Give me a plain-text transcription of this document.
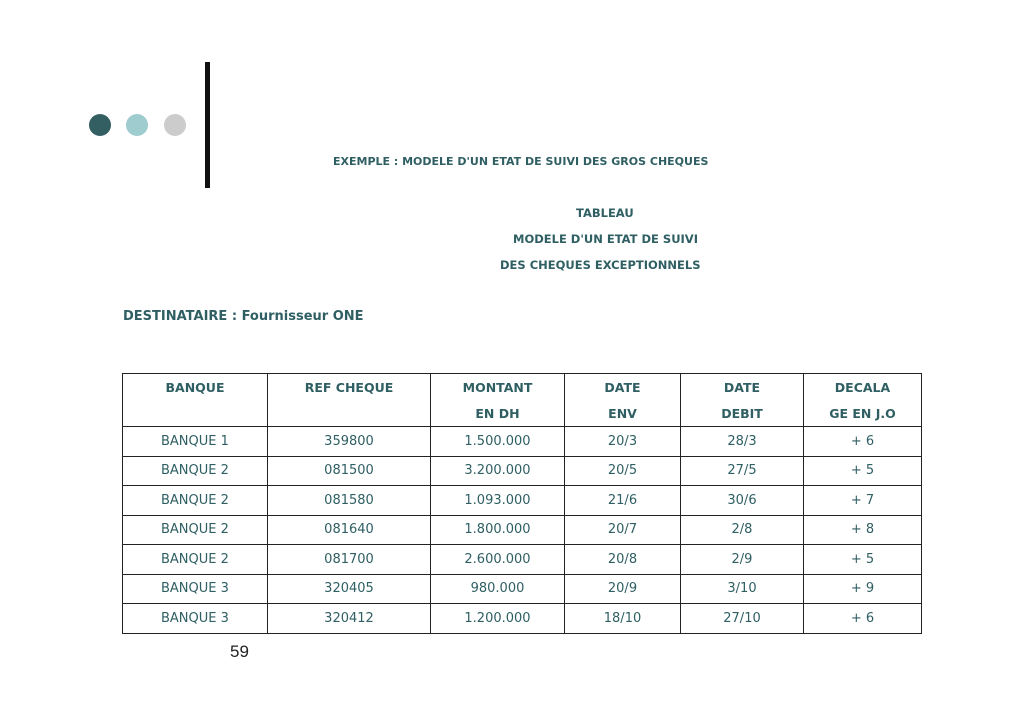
EXEMPLE : MODELE D'UN ETAT DE SUIVI DES GROS CHEQUES
TABLEAU
MODELE D'UN ETAT DE SUIVI
DES CHEQUES EXCEPTIONNELS
DESTINATAIRE : Fournisseur ONE
BANQUE	REF CHEQUE	MONTANT	DATE	DATE	DECALA
		EN DH	ENV	DEBIT	GE EN J.O
BANQUE 1	359800	1.500.000	20/3	28/3	+ 6
BANQUE 2	081500	3.200.000	20/5	27/5	+ 5
BANQUE 2	081580	1.093.000	21/6	30/6	+ 7
BANQUE 2	081640	1.800.000	20/7	2/8	+ 8
BANQUE 2	081700	2.600.000	20/8	2/9	+ 5
BANQUE 3	320405	980.000	20/9	3/10	+ 9
BANQUE 3	320412	1.200.000	18/10	27/10	+ 6
59
